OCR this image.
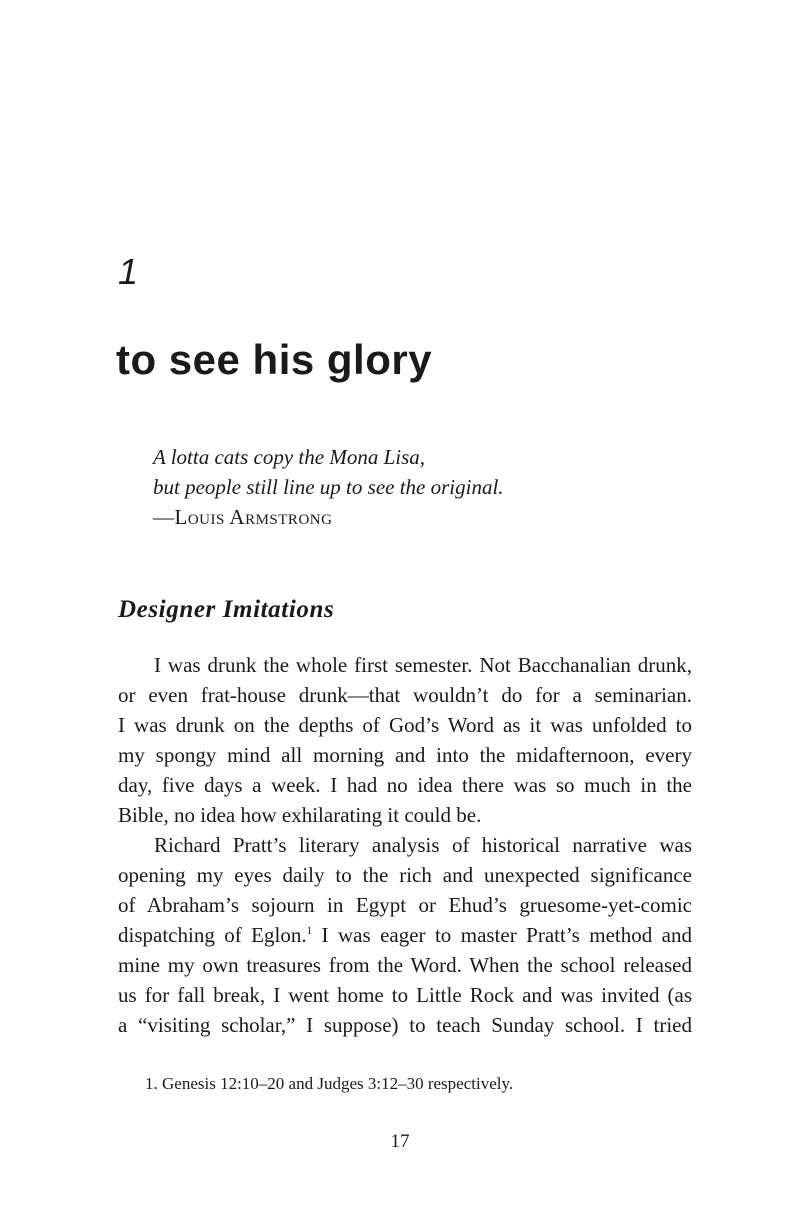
1
to see his glory
A lotta cats copy the Mona Lisa,
but people still line up to see the original.
—Louis Armstrong
Designer Imitations
I was drunk the whole first semester. Not Bacchanalian drunk,
or even frat-house drunk—that wouldn’t do for a seminarian.
I was drunk on the depths of God’s Word as it was unfolded to
my spongy mind all morning and into the midafternoon, every
day, five days a week. I had no idea there was so much in the
Bible, no idea how exhilarating it could be.
Richard Pratt’s literary analysis of historical narrative was
opening my eyes daily to the rich and unexpected significance
of Abraham’s sojourn in Egypt or Ehud’s gruesome-yet-comic
dispatching of Eglon.$^1$ I was eager to master Pratt’s method and
mine my own treasures from the Word. When the school released
us for fall break, I went home to Little Rock and was invited (as
a “visiting scholar,” I suppose) to teach Sunday school. I tried
1. Genesis 12:10–20 and Judges 3:12–30 respectively.
17
